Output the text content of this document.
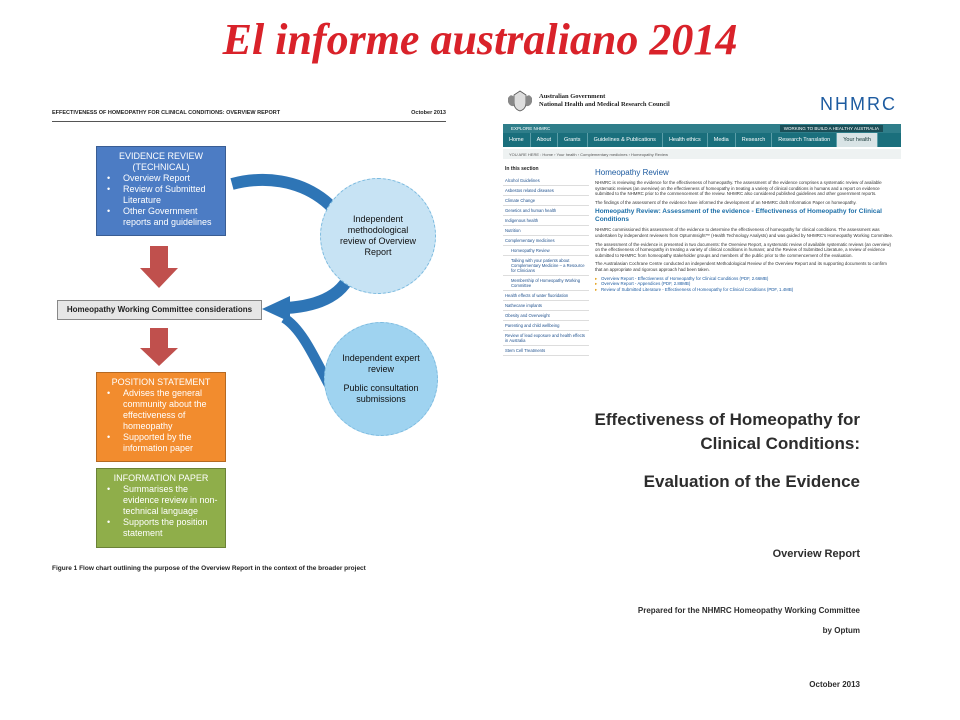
El informe australiano 2014
EFFECTIVENESS OF HOMEOPATHY FOR CLINICAL CONDITIONS: OVERVIEW REPORT	October 2013
EVIDENCE REVIEW (TECHNICAL)
• Overview Report
• Review of Submitted Literature
• Other Government reports and guidelines
Homeopathy Working Committee considerations
POSITION STATEMENT
• Advises the general community about the effectiveness of homeopathy
• Supported by the information paper
INFORMATION PAPER
• Summarises the evidence review in non-technical language
• Supports the position statement
Independent methodological review of Overview Report
Independent expert review
Public consultation submissions
Figure 1 Flow chart outlining the purpose of the Overview Report in the context of the broader project
Australian Government
National Health and Medical Research Council	NHMRC
EXPLORE NHMRC	WORKING TO BUILD A HEALTHY AUSTRALIA
Home	About	Grants	Guidelines & Publications	Health ethics	Media	Research	Research Translation	Your health
YOU ARE HERE : Home › Your health › Complementary medicines › Homeopathy Review
In this section
Alcohol Guidelines
Asbestos related diseases
Climate Change
Genetics and human health
Indigenous health
Nutrition
Complementary medicines
Homeopathy Review
Talking with your patients about Complementary Medicine – a Resource for Clinicians
Membership of Homeopathy Working Committee
Health effects of water fluoridation
Nathecane implants
Obesity and Overweight
Parenting and child wellbeing
Review of lead exposure and health effects in Australia
Stem Cell Treatments
Homeopathy Review

NHMRC is reviewing the evidence for the effectiveness of homeopathy. The assessment of the evidence comprises a systematic review of available systematic reviews (an overview) on the effectiveness of homeopathy in treating a variety of clinical conditions in humans and a report on evidence submitted to the NHMRC prior to the commencement of the review. NHMRC also considered published guidelines and other government reports.

The findings of the assessment of the evidence have informed the development of an NHMRC draft Information Paper on homeopathy.

Homeopathy Review: Assessment of the evidence - Effectiveness of Homeopathy for Clinical Conditions

NHMRC commissioned this assessment of the evidence to determine the effectiveness of homeopathy for clinical conditions. The assessment was undertaken by independent reviewers from OptumInsight™ (Health Technology Analysts) and was guided by NHMRC's Homeopathy Working Committee.

The assessment of the evidence is presented in two documents: the Overview Report, a systematic review of available systematic reviews (an overview) on the effectiveness of homeopathy in treating a variety of clinical conditions in humans; and the Review of Submitted Literature, a review of evidence submitted to NHMRC from homeopathy stakeholder groups and members of the public prior to the commencement of the evaluation.

The Australasian Cochrane Centre conducted an independent Methodological Review of the Overview Report and its supporting documents to confirm that an appropriate and rigorous approach had been taken.

▸ Overview Report - Effectiveness of Homeopathy for Clinical Conditions (PDF, 2.66MB)
▸ Overview Report - Appendices (PDF, 2.88MB)
▸ Review of Submitted Literature - Effectiveness of Homeopathy for Clinical Conditions (PDF, 1.4MB)
Effectiveness of Homeopathy for
Clinical Conditions:
Evaluation of the Evidence
Overview Report
Prepared for the NHMRC Homeopathy Working Committee
by Optum
October 2013
